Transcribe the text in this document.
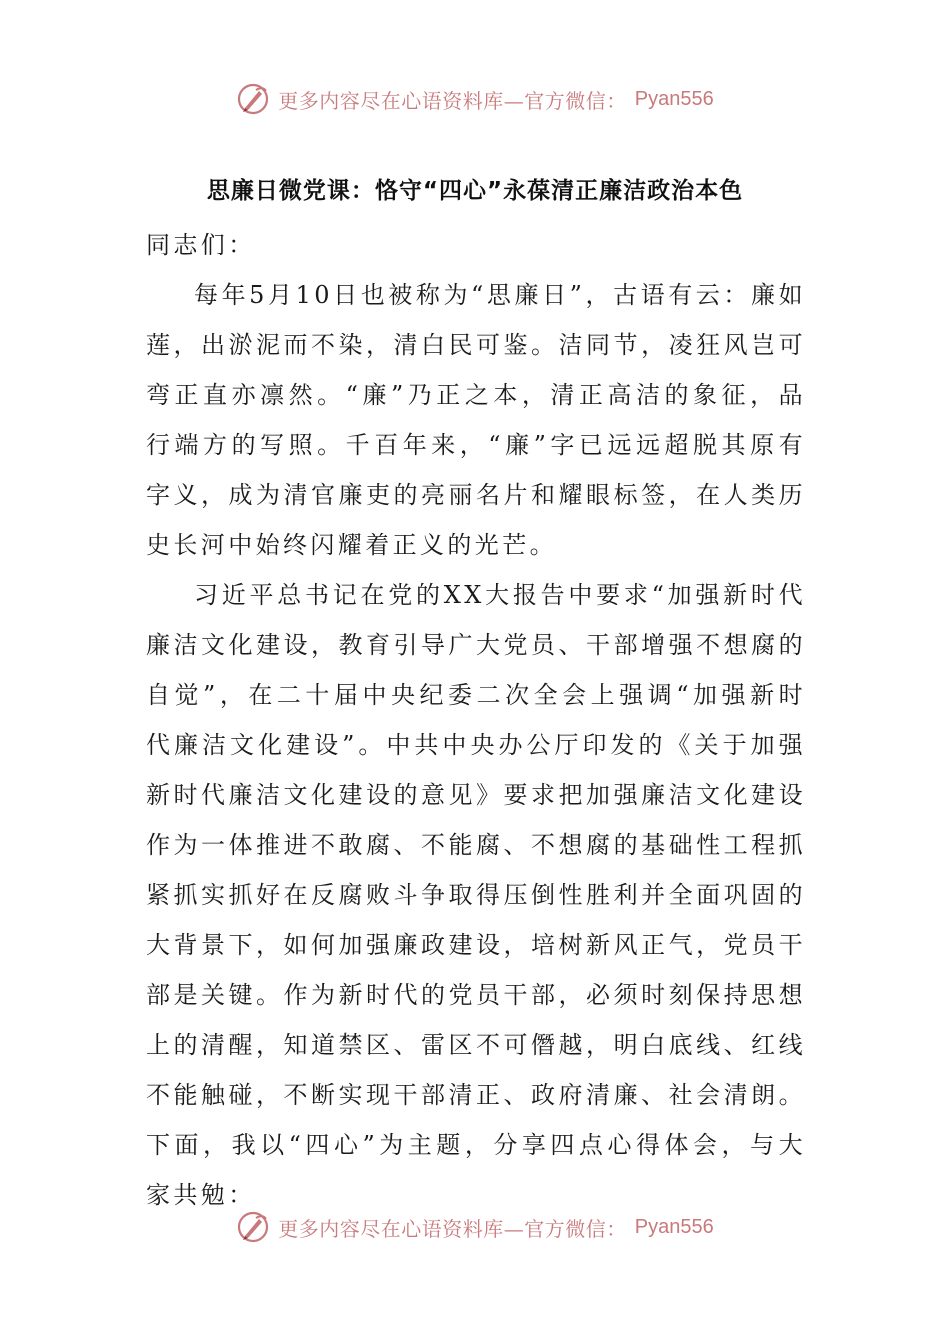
更多内容尽在心语资料库—官方微信： Pyan556
思廉日微党课：恪守“四心”永葆清正廉洁政治本色

同志们：

每年5月10日也被称为“思廉日”，古语有云：廉如莲，出淤泥而不染，清白民可鉴。洁同节，凌狂风岂可弯正直亦凛然。“廉”乃正之本，清正高洁的象征，品行端方的写照。千百年来，“廉”字已远远超脱其原有字义，成为清官廉吏的亮丽名片和耀眼标签，在人类历史长河中始终闪耀着正义的光芒。

习近平总书记在党的XX大报告中要求“加强新时代廉洁文化建设，教育引导广大党员、干部增强不想腐的自觉”，在二十届中央纪委二次全会上强调“加强新时代廉洁文化建设”。中共中央办公厅印发的《关于加强新时代廉洁文化建设的意见》要求把加强廉洁文化建设作为一体推进不敢腐、不能腐、不想腐的基础性工程抓紧抓实抓好在反腐败斗争取得压倒性胜利并全面巩固的大背景下，如何加强廉政建设，培树新风正气，党员干部是关键。作为新时代的党员干部，必须时刻保持思想上的清醒，知道禁区、雷区不可僭越，明白底线、红线不能触碰，不断实现干部清正、政府清廉、社会清朗。下面，我以“四心”为主题，分享四点心得体会，与大家共勉：

更多内容尽在心语资料库—官方微信： Pyan556
